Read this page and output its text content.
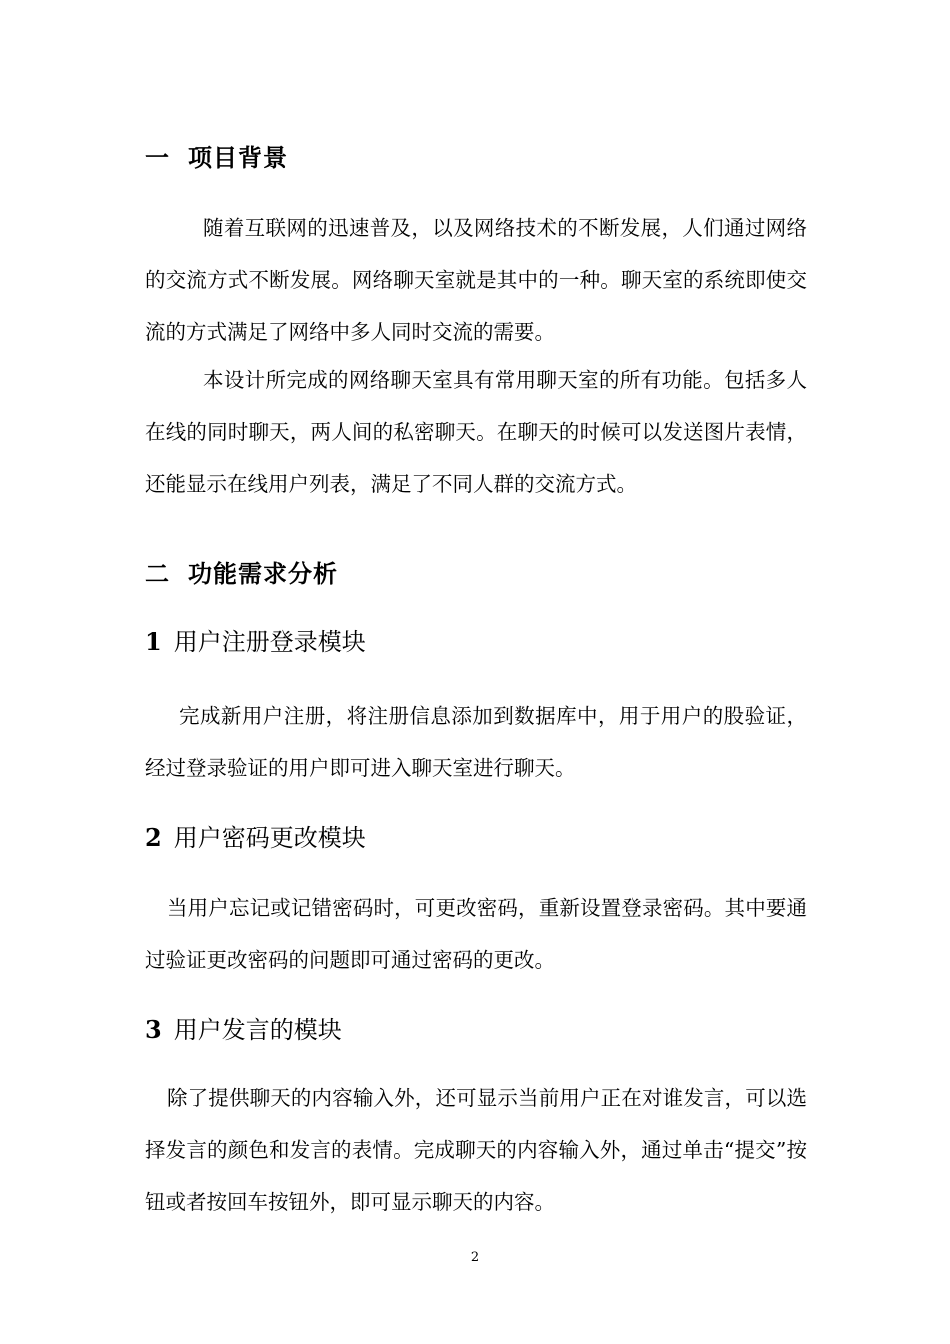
一 项目背景

随着互联网的迅速普及，以及网络技术的不断发展，人们通过网络的交流方式不断发展。网络聊天室就是其中的一种。聊天室的系统即使交流的方式满足了网络中多人同时交流的需要。

本设计所完成的网络聊天室具有常用聊天室的所有功能。包括多人在线的同时聊天，两人间的私密聊天。在聊天的时候可以发送图片表情，还能显示在线用户列表，满足了不同人群的交流方式。

二 功能需求分析
1 用户注册登录模块

完成新用户注册，将注册信息添加到数据库中，用于用户的股验证，经过登录验证的用户即可进入聊天室进行聊天。

2 用户密码更改模块

当用户忘记或记错密码时，可更改密码，重新设置登录密码。其中要通过验证更改密码的问题即可通过密码的更改。

3 用户发言的模块

除了提供聊天的内容输入外，还可显示当前用户正在对谁发言，可以选择发言的颜色和发言的表情。完成聊天的内容输入外，通过单击“提交”按钮或者按回车按钮外，即可显示聊天的内容。

2
